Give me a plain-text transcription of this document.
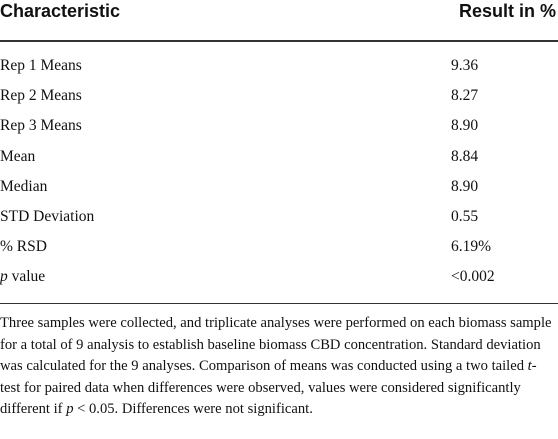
Characteristic	Result in %
Rep 1 Means	9.36
Rep 2 Means	8.27
Rep 3 Means	8.90
Mean	8.84
Median	8.90
STD Deviation	0.55
% RSD	6.19%
p value	<0.002
Three samples were collected, and triplicate analyses were performed on each biomass sample for a total of 9 analysis to establish baseline biomass CBD concentration. Standard deviation was calculated for the 9 analyses. Comparison of means was conducted using a two tailed t-test for paired data when differences were observed, values were considered significantly different if p < 0.05. Differences were not significant.
